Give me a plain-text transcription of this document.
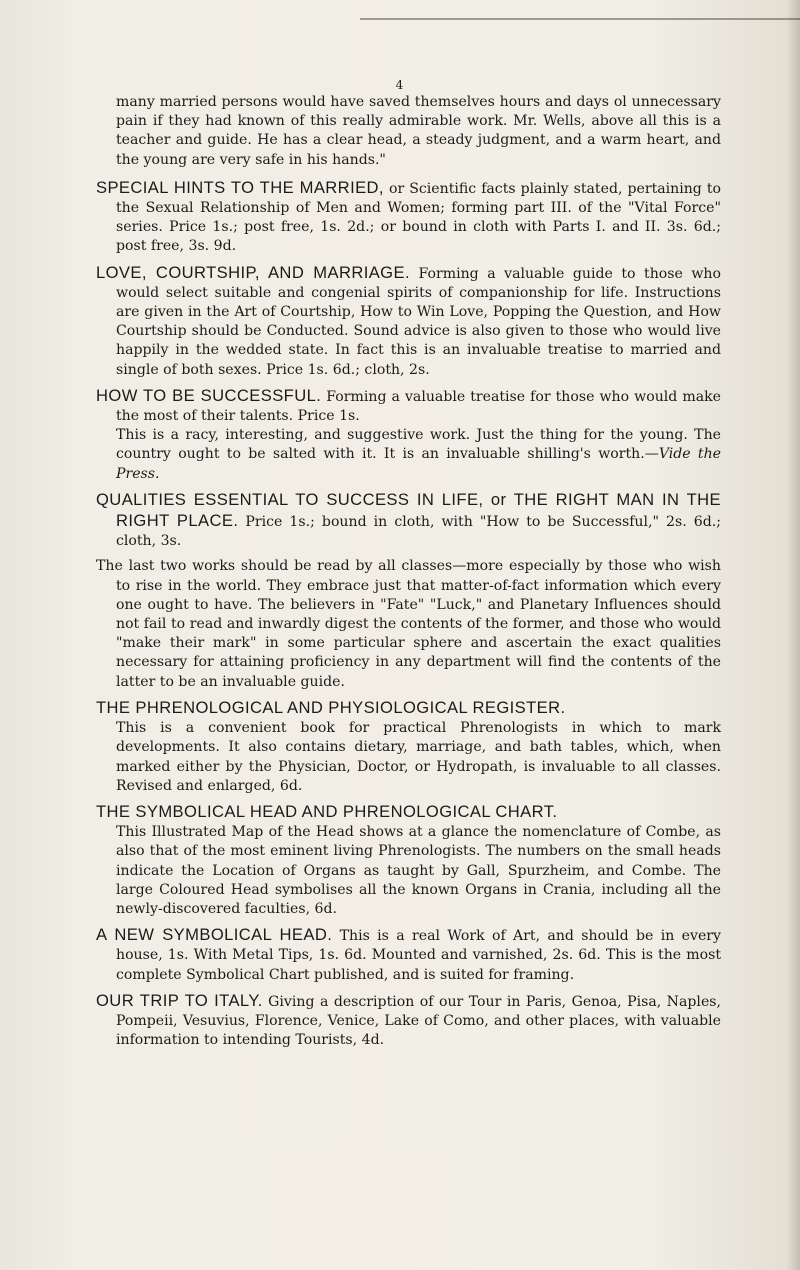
4

many married persons would have saved themselves hours and days ol unnecessary pain if they had known of this really admirable work. Mr. Wells, above all this is a teacher and guide. He has a clear head, a steady judgment, and a warm heart, and the young are very safe in his hands."

SPECIAL HINTS TO THE MARRIED, or Scientific facts plainly stated, pertaining to the Sexual Relationship of Men and Women; forming part III. of the "Vital Force" series. Price 1s.; post free, 1s. 2d.; or bound in cloth with Parts I. and II. 3s. 6d.; post free, 3s. 9d.

LOVE, COURTSHIP, AND MARRIAGE. Forming a valuable guide to those who would select suitable and congenial spirits of companionship for life. Instructions are given in the Art of Courtship, How to Win Love, Popping the Question, and How Courtship should be Conducted. Sound advice is also given to those who would live happily in the wedded state. In fact this is an invaluable treatise to married and single of both sexes. Price 1s. 6d.; cloth, 2s.

HOW TO BE SUCCESSFUL. Forming a valuable treatise for those who would make the most of their talents. Price 1s.

This is a racy, interesting, and suggestive work. Just the thing for the young. The country ought to be salted with it. It is an invaluable shilling's worth.—Vide the Press.

QUALITIES ESSENTIAL TO SUCCESS IN LIFE, or THE RIGHT MAN IN THE RIGHT PLACE. Price 1s.; bound in cloth, with "How to be Successful," 2s. 6d.; cloth, 3s.

The last two works should be read by all classes—more especially by those who wish to rise in the world. They embrace just that matter-of-fact information which every one ought to have. The believers in "Fate" "Luck," and Planetary Influences should not fail to read and inwardly digest the contents of the former, and those who would "make their mark" in some particular sphere and ascertain the exact qualities necessary for attaining proficiency in any department will find the contents of the latter to be an invaluable guide.

THE PHRENOLOGICAL AND PHYSIOLOGICAL REGISTER.

This is a convenient book for practical Phrenologists in which to mark developments. It also contains dietary, marriage, and bath tables, which, when marked either by the Physician, Doctor, or Hydropath, is invaluable to all classes. Revised and enlarged, 6d.

THE SYMBOLICAL HEAD AND PHRENOLOGICAL CHART.

This Illustrated Map of the Head shows at a glance the nomenclature of Combe, as also that of the most eminent living Phrenologists. The numbers on the small heads indicate the Location of Organs as taught by Gall, Spurzheim, and Combe. The large Coloured Head symbolises all the known Organs in Crania, including all the newly-discovered faculties, 6d.

A NEW SYMBOLICAL HEAD. This is a real Work of Art, and should be in every house, 1s. With Metal Tips, 1s. 6d. Mounted and varnished, 2s. 6d. This is the most complete Symbolical Chart published, and is suited for framing.

OUR TRIP TO ITALY. Giving a description of our Tour in Paris, Genoa, Pisa, Naples, Pompeii, Vesuvius, Florence, Venice, Lake of Como, and other places, with valuable information to intending Tourists, 4d.
